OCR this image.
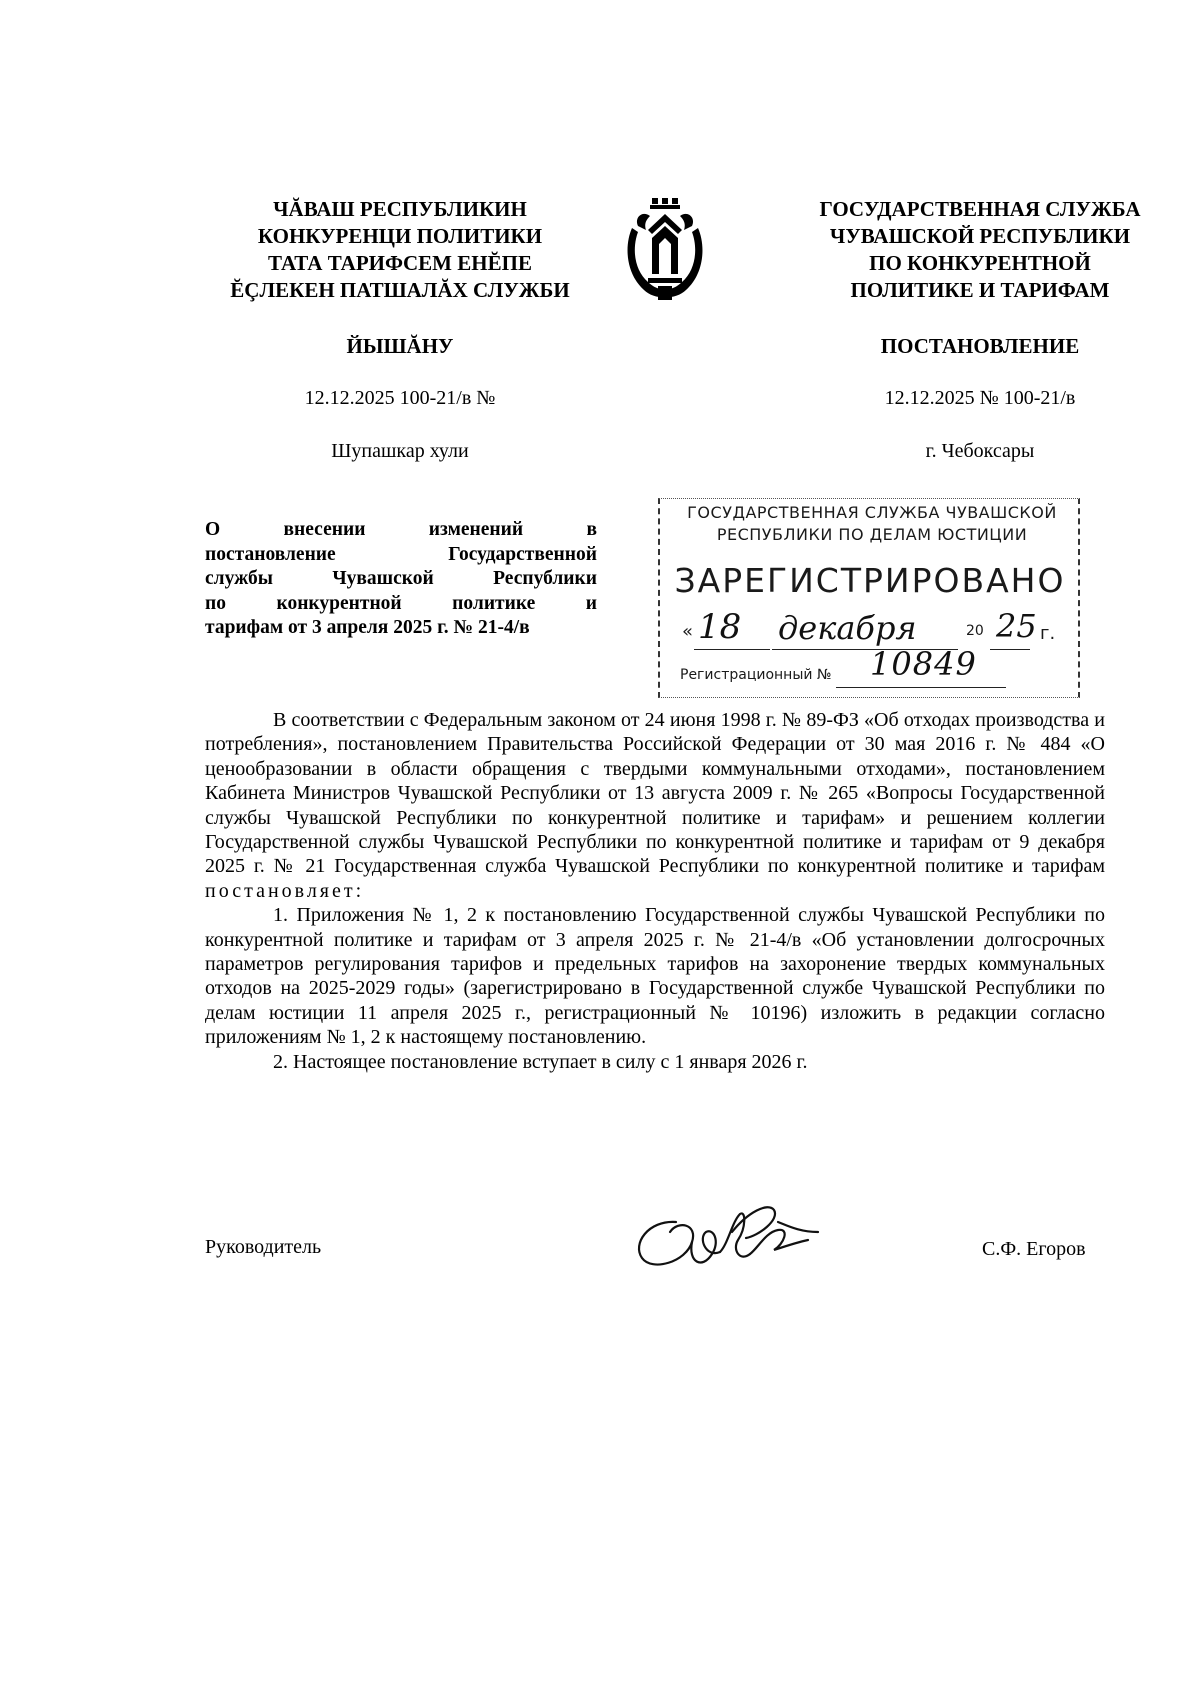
ЧĂВАШ РЕСПУБЛИКИН
КОНКУРЕНЦИ ПОЛИТИКИ
ТАТА ТАРИФСЕМ ЕНĔПЕ
ĔÇЛЕКЕН ПАТШАЛĂХ СЛУЖБИ
ГОСУДАРСТВЕННАЯ СЛУЖБА
ЧУВАШСКОЙ РЕСПУБЛИКИ
ПО КОНКУРЕНТНОЙ
ПОЛИТИКЕ И ТАРИФАМ
ЙЫШĂНУ	ПОСТАНОВЛЕНИЕ
12.12.2025 100-21/в №	12.12.2025 № 100-21/в
Шупашкар хули	г. Чебоксары
О внесении изменений в
постановление Государственной
службы Чувашской Республики
по конкурентной политике и
тарифам от 3 апреля 2025 г. № 21-4/в
ГОСУДАРСТВЕННАЯ СЛУЖБА ЧУВАШСКОЙ
РЕСПУБЛИКИ ПО ДЕЛАМ ЮСТИЦИИ
ЗАРЕГИСТРИРОВАНО
« 18 декабря	20 25 г.
Регистрационный № 10849

В соответствии с Федеральным законом от 24 июня 1998 г. № 89-ФЗ «Об отходах производства и потребления», постановлением Правительства Российской Федерации от 30 мая 2016 г. № 484 «О ценообразовании в области обращения с твердыми коммунальными отходами», постановлением Кабинета Министров Чувашской Республики от 13 августа 2009 г. № 265 «Вопросы Государственной службы Чувашской Республики по конкурентной политике и тарифам» и решением коллегии Государственной службы Чувашской Республики по конкурентной политике и тарифам от 9 декабря 2025 г. № 21 Государственная служба Чувашской Республики по конкурентной политике и тарифам постановляет:

1. Приложения № 1, 2 к постановлению Государственной службы Чувашской Республики по конкурентной политике и тарифам от 3 апреля 2025 г. № 21-4/в «Об установлении долгосрочных параметров регулирования тарифов и предельных тарифов на захоронение твердых коммунальных отходов на 2025-2029 годы» (зарегистрировано в Государственной службе Чувашской Республики по делам юстиции 11 апреля 2025 г., регистрационный № 10196) изложить в редакции согласно приложениям № 1, 2 к настоящему постановлению.

2. Настоящее постановление вступает в силу с 1 января 2026 г.

Руководитель	С.Ф. Егоров
